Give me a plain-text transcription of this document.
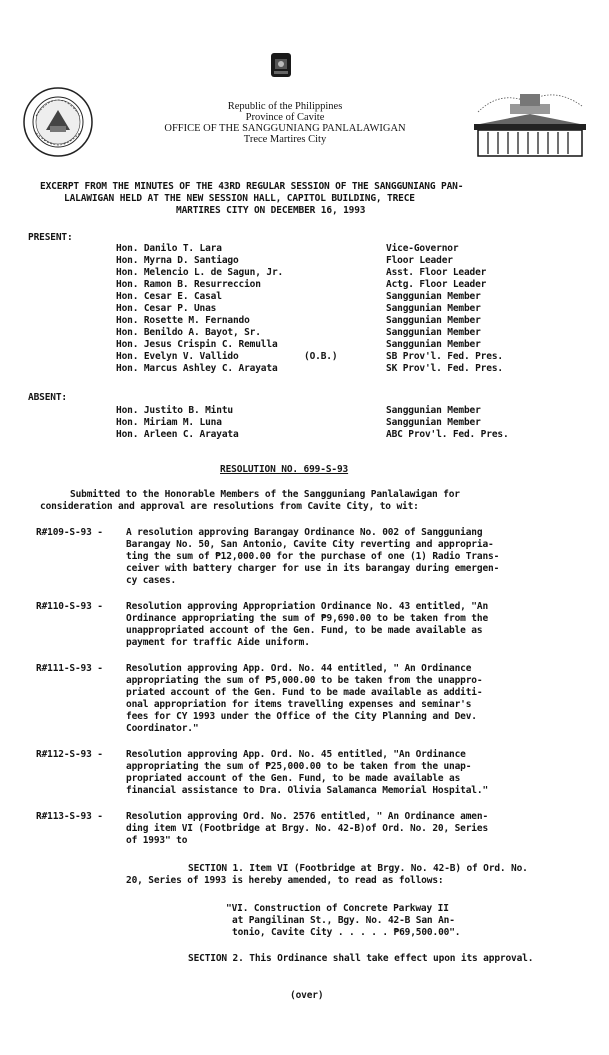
Republic of the Philippines
Province of Cavite
OFFICE OF THE SANGGUNIANG PANLALAWIGAN
Trece Martires City
EXCERPT FROM THE MINUTES OF THE 43RD REGULAR SESSION OF THE SANGGUNIANG PAN-
LALAWIGAN HELD AT THE NEW SESSION HALL, CAPITOL BUILDING, TRECE
MARTIRES CITY ON DECEMBER 16, 1993
PRESENT:
Hon. Danilo T. Lara	Vice-Governor
Hon. Myrna D. Santiago	Floor Leader
Hon. Melencio L. de Sagun, Jr.	Asst. Floor Leader
Hon. Ramon B. Resurreccion	Actg. Floor Leader
Hon. Cesar E. Casal	Sanggunian Member
Hon. Cesar P. Unas	Sanggunian Member
Hon. Rosette M. Fernando	Sanggunian Member
Hon. Benildo A. Bayot, Sr.	Sanggunian Member
Hon. Jesus Crispin C. Remulla	Sanggunian Member
Hon. Evelyn V. Vallido	(O.B.)	SB Prov'l. Fed. Pres.
Hon. Marcus Ashley C. Arayata	SK Prov'l. Fed. Pres.
ABSENT:
Hon. Justito B. Mintu	Sanggunian Member
Hon. Miriam M. Luna	Sanggunian Member
Hon. Arleen C. Arayata	ABC Prov'l. Fed. Pres.
RESOLUTION NO. 699-S-93
Submitted to the Honorable Members of the Sangguniang Panlalawigan for
consideration and approval are resolutions from Cavite City, to wit:
R#109-S-93 - A resolution approving Barangay Ordinance No. 002 of Sangguniang
Barangay No. 50, San Antonio, Cavite City reverting and appropria-
ting the sum of ₱12,000.00 for the purchase of one (1) Radio Trans-
ceiver with battery charger for use in its barangay during emergen-
cy cases.
R#110-S-93 - Resolution approving Appropriation Ordinance No. 43 entitled, "An
Ordinance appropriating the sum of ₱9,690.00 to be taken from the
unappropriated account of the Gen. Fund, to be made available as
payment for traffic Aide uniform.
R#111-S-93 - Resolution approving App. Ord. No. 44 entitled, " An Ordinance
appropriating the sum of ₱5,000.00 to be taken from the unappro-
priated account of the Gen. Fund to be made available as additi-
onal appropriation for items travelling expenses and seminar's
fees for CY 1993 under the Office of the City Planning and Dev.
Coordinator."
R#112-S-93 - Resolution approving App. Ord. No. 45 entitled, "An Ordinance
appropriating the sum of ₱25,000.00 to be taken from the unap-
propriated account of the Gen. Fund, to be made available as
financial assistance to Dra. Olivia Salamanca Memorial Hospital."
R#113-S-93 - Resolution approving Ord. No. 2576 entitled, " An Ordinance amen-
ding item VI (Footbridge at Brgy. No. 42-B)of Ord. No. 20, Series
of 1993" to
SECTION 1. Item VI (Footbridge at Brgy. No. 42-B) of Ord. No.
20, Series of 1993 is hereby amended, to read as follows:
"VI. Construction of Concrete Parkway II
at Pangilinan St., Bgy. No. 42-B San An-
tonio, Cavite City . . . . . ₱69,500.00".
SECTION 2. This Ordinance shall take effect upon its approval.
(over)
